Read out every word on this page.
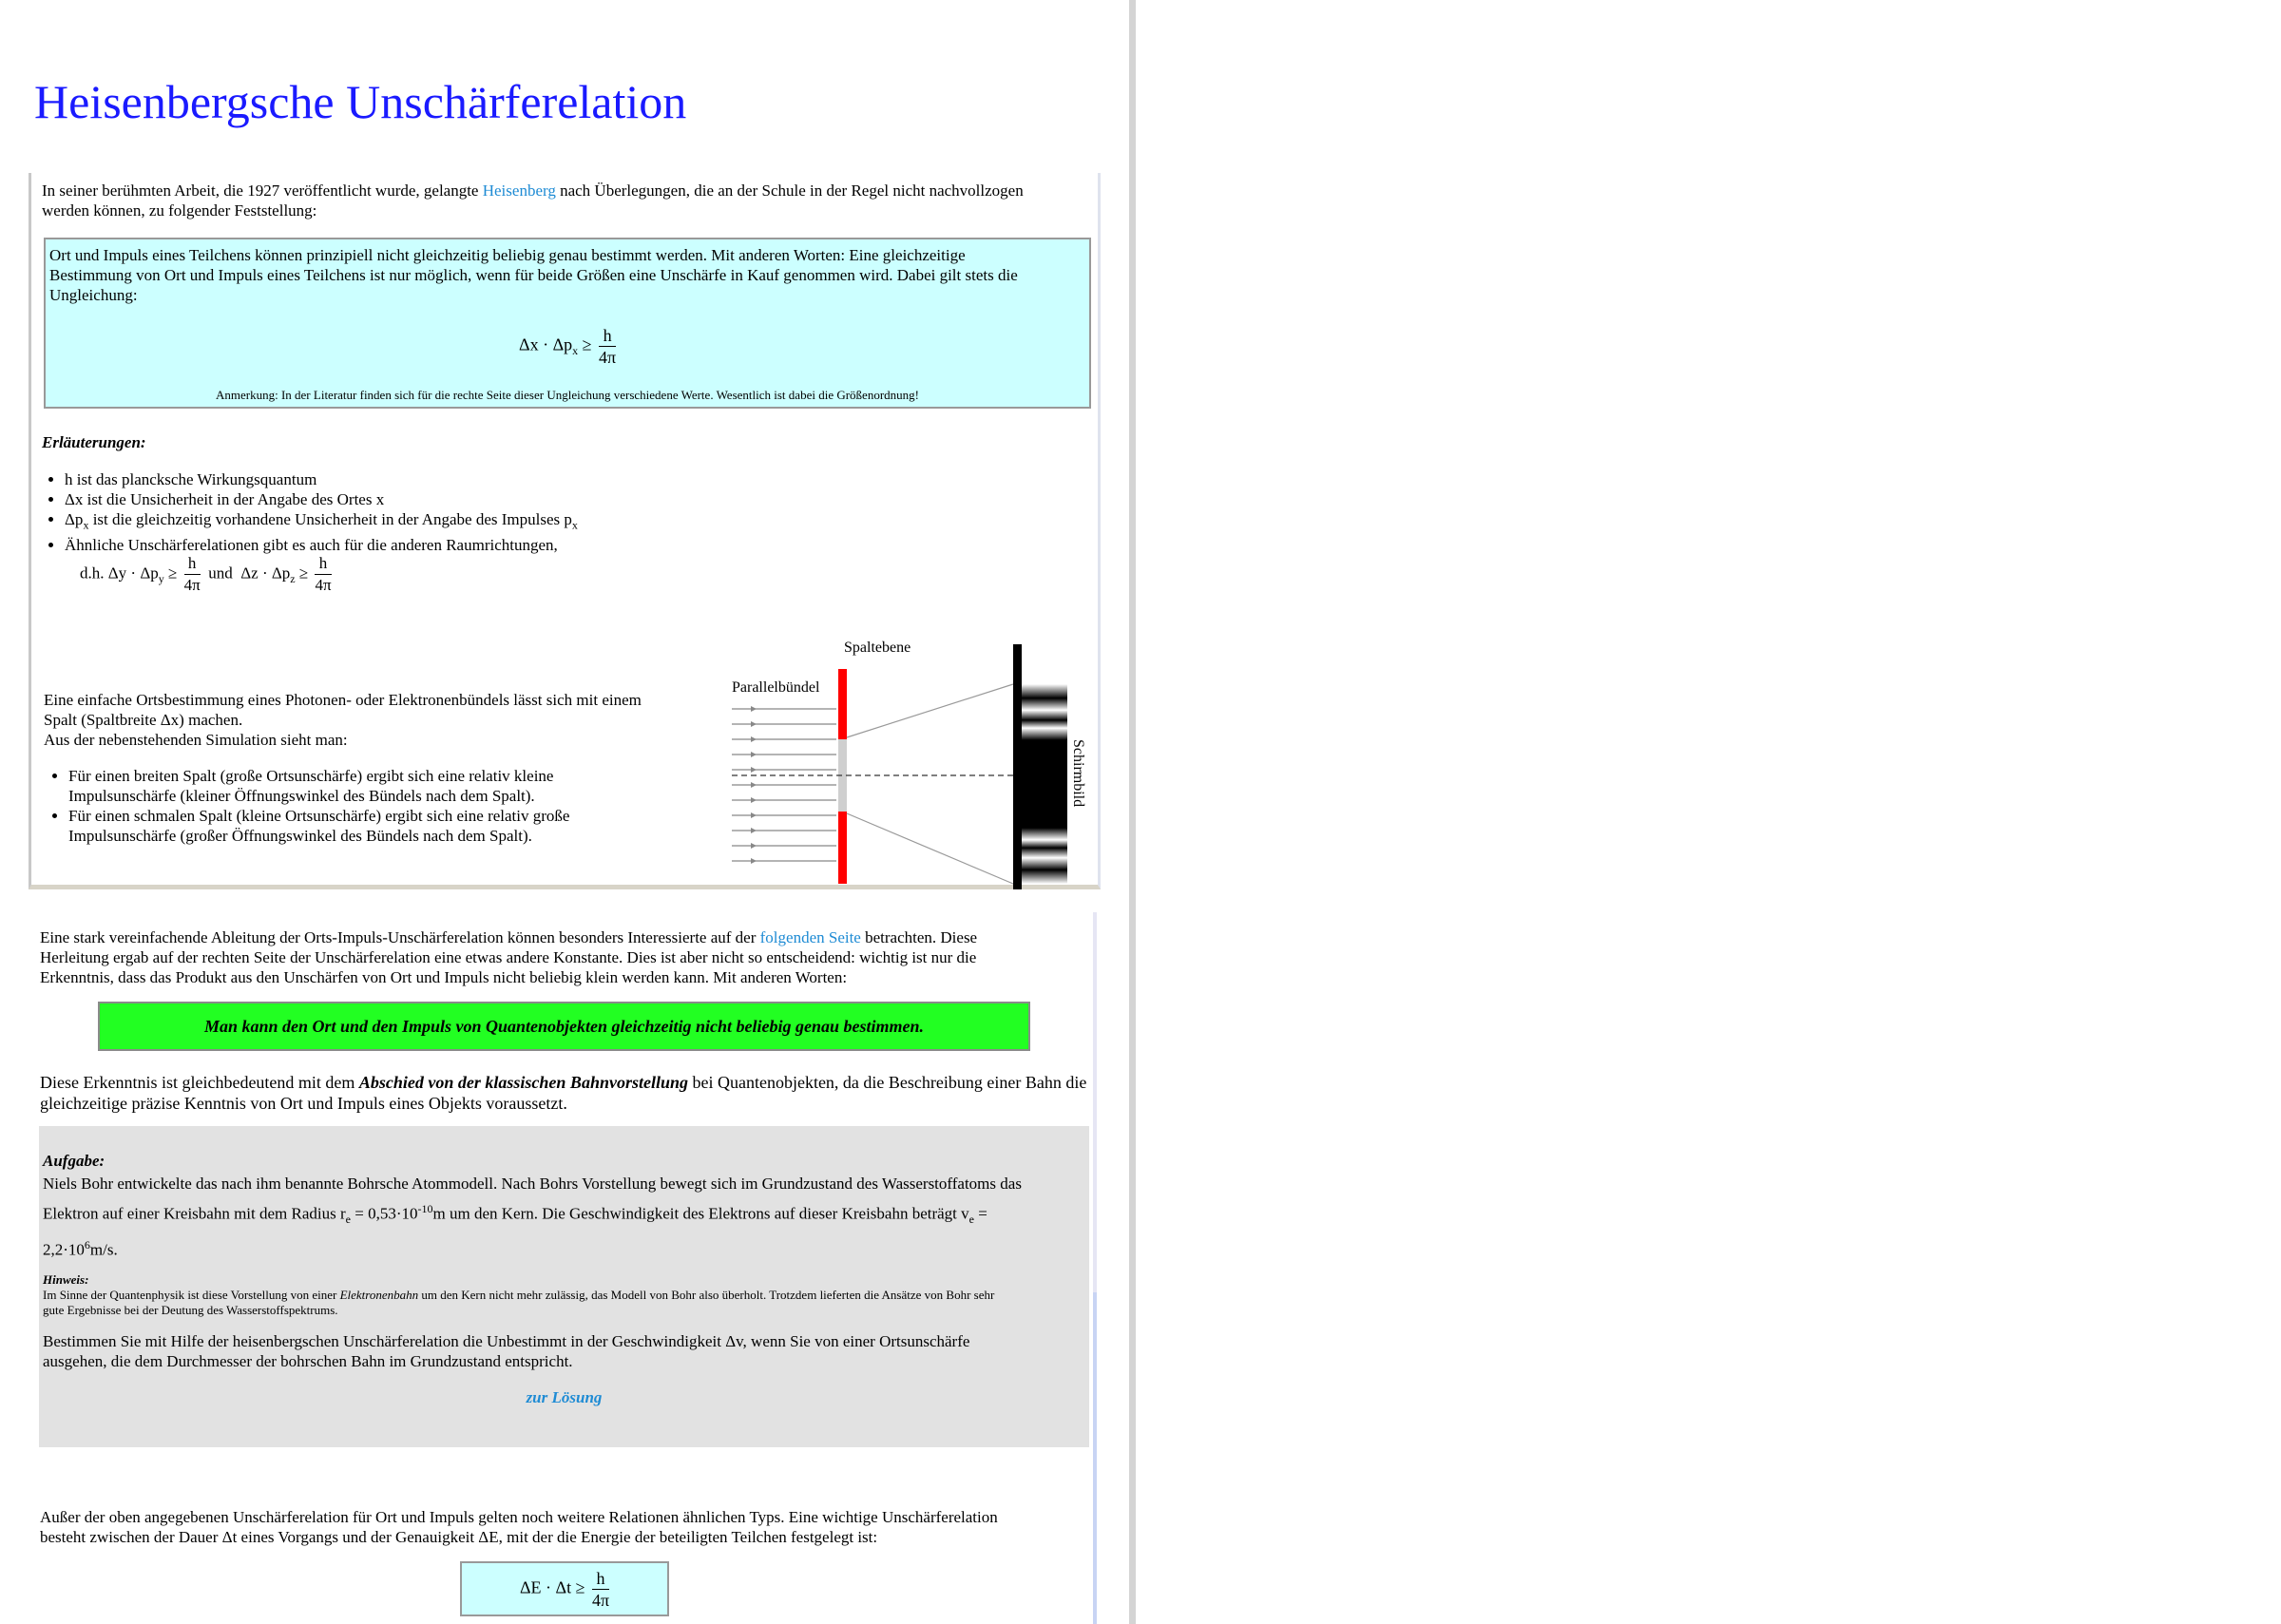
Heisenbergsche Unschärferelation
In seiner berühmten Arbeit, die 1927 veröffentlicht wurde, gelangte Heisenberg nach Überlegungen, die an der Schule in der Regel nicht nachvollzogen
werden können, zu folgender Feststellung:
Ort und Impuls eines Teilchens können prinzipiell nicht gleichzeitig beliebig genau bestimmt werden. Mit anderen Worten: Eine gleichzeitige
Bestimmung von Ort und Impuls eines Teilchens ist nur möglich, wenn für beide Größen eine Unschärfe in Kauf genommen wird. Dabei gilt stets die
Ungleichung:
$\Delta x \cdot \Delta p_x \ge \frac{h}{4\pi}$
Anmerkung: In der Literatur finden sich für die rechte Seite dieser Ungleichung verschiedene Werte. Wesentlich ist dabei die Größenordnung!
Erläuterungen:
• h ist das plancksche Wirkungsquantum
• Δx ist die Unsicherheit in der Angabe des Ortes x
• $\Delta p_x$ ist die gleichzeitig vorhandene Unsicherheit in der Angabe des Impulses $p_x$
• Ähnliche Unschärferelationen gibt es auch für die anderen Raumrichtungen,
d.h. $\Delta y \cdot \Delta p_y \ge \frac{h}{4\pi}$ und $\Delta z \cdot \Delta p_z \ge \frac{h}{4\pi}$
Eine einfache Ortsbestimmung eines Photonen- oder Elektronenbündels lässt sich mit einem
Spalt (Spaltbreite Δx) machen.
Aus der nebenstehenden Simulation sieht man:
• Für einen breiten Spalt (große Ortsunschärfe) ergibt sich eine relativ kleine
Impulsunschärfe (kleiner Öffnungswinkel des Bündels nach dem Spalt).
• Für einen schmalen Spalt (kleine Ortsunschärfe) ergibt sich eine relativ große
Impulsunschärfe (großer Öffnungswinkel des Bündels nach dem Spalt).
Spaltebene
Parallelbündel
Schirmbild
Eine stark vereinfachende Ableitung der Orts-Impuls-Unschärferelation können besonders Interessierte auf der folgenden Seite betrachten. Diese
Herleitung ergab auf der rechten Seite der Unschärferelation eine etwas andere Konstante. Dies ist aber nicht so entscheidend: wichtig ist nur die
Erkenntnis, dass das Produkt aus den Unschärfen von Ort und Impuls nicht beliebig klein werden kann. Mit anderen Worten:
Man kann den Ort und den Impuls von Quantenobjekten gleichzeitig nicht beliebig genau bestimmen.
Diese Erkenntnis ist gleichbedeutend mit dem Abschied von der klassischen Bahnvorstellung bei Quantenobjekten, da die Beschreibung einer Bahn die
gleichzeitige präzise Kenntnis von Ort und Impuls eines Objekts voraussetzt.
Aufgabe:
Niels Bohr entwickelte das nach ihm benannte Bohrsche Atommodell. Nach Bohrs Vorstellung bewegt sich im Grundzustand des Wasserstoffatoms das
Elektron auf einer Kreisbahn mit dem Radius $r_e = 0,53\cdot 10^{-10}m$ um den Kern. Die Geschwindigkeit des Elektrons auf dieser Kreisbahn beträgt $v_e$ =
$2,2\cdot 10^6m/s$.
Hinweis:
Im Sinne der Quantenphysik ist diese Vorstellung von einer Elektronenbahn um den Kern nicht mehr zulässig, das Modell von Bohr also überholt. Trotzdem lieferten die Ansätze von Bohr sehr
gute Ergebnisse bei der Deutung des Wasserstoffspektrums.
Bestimmen Sie mit Hilfe der heisenbergschen Unschärferelation die Unbestimmt in der Geschwindigkeit Δv, wenn Sie von einer Ortsunschärfe
ausgehen, die dem Durchmesser der bohrschen Bahn im Grundzustand entspricht.
zur Lösung
Außer der oben angegebenen Unschärferelation für Ort und Impuls gelten noch weitere Relationen ähnlichen Typs. Eine wichtige Unschärferelation
besteht zwischen der Dauer Δt eines Vorgangs und der Genauigkeit ΔE, mit der die Energie der beteiligten Teilchen festgelegt ist:
$\Delta E \cdot \Delta t \ge \frac{h}{4\pi}$
